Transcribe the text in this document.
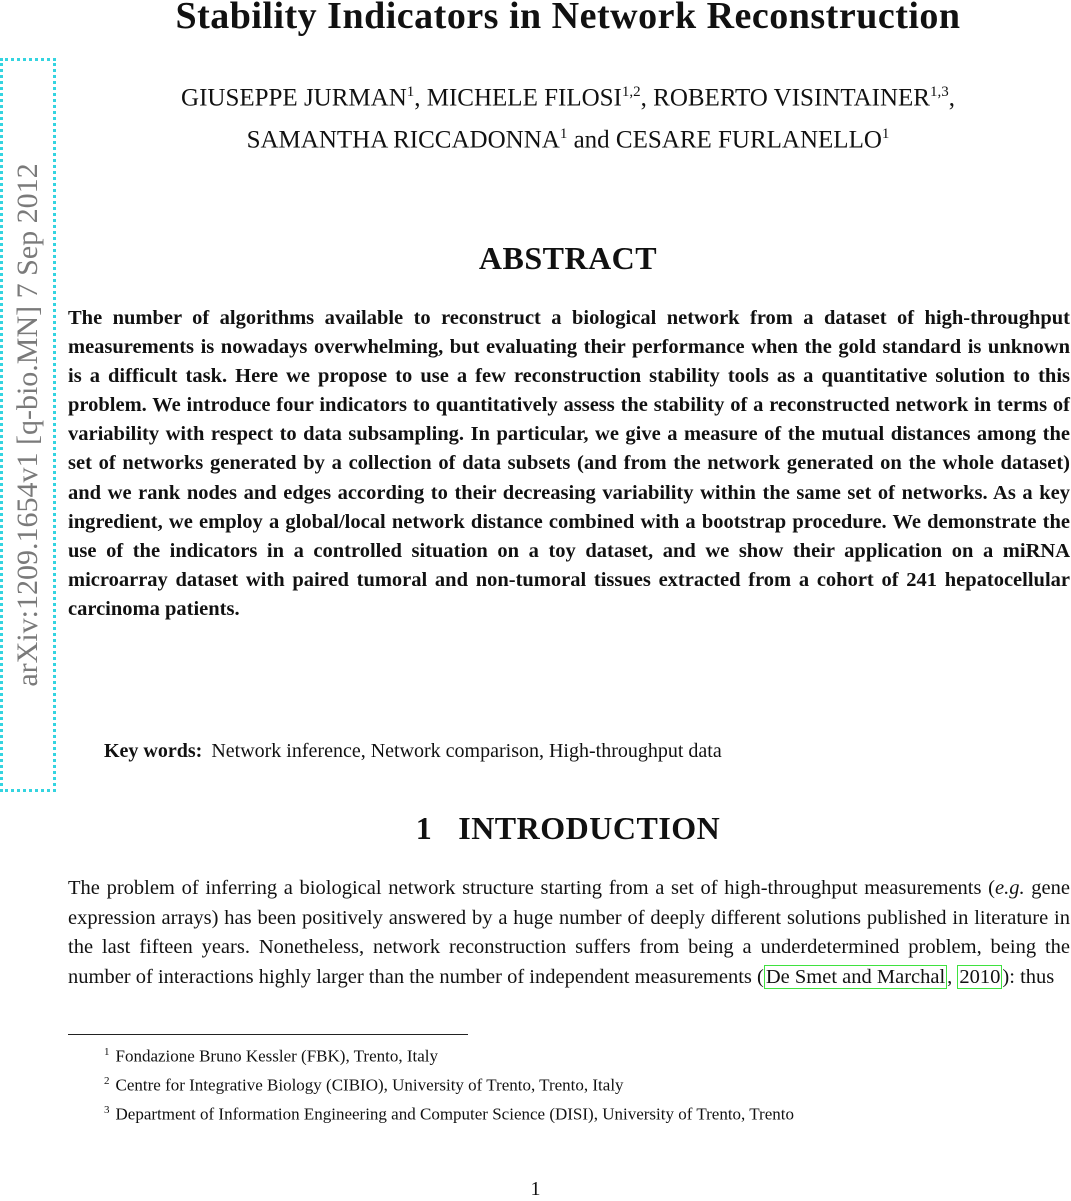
arXiv:1209.1654v1 [q-bio.MN] 7 Sep 2012
Stability Indicators in Network Reconstruction
GIUSEPPE JURMAN$^1$, MICHELE FILOSI$^{1,2}$, ROBERTO VISINTAINER$^{1,3}$,
SAMANTHA RICCADONNA$^1$ and CESARE FURLANELLO$^1$
ABSTRACT

The number of algorithms available to reconstruct a biological network from a dataset of high-throughput measurements is nowadays overwhelming, but evaluating their performance when the gold standard is unknown is a difficult task. Here we propose to use a few reconstruction stability tools as a quantitative solution to this problem. We introduce four indicators to quantitatively assess the stability of a reconstructed network in terms of variability with respect to data subsampling. In particular, we give a measure of the mutual distances among the set of networks generated by a collection of data subsets (and from the network generated on the whole dataset) and we rank nodes and edges according to their decreasing variability within the same set of networks. As a key ingredient, we employ a global/local network distance combined with a bootstrap procedure. We demonstrate the use of the indicators in a controlled situation on a toy dataset, and we show their application on a miRNA microarray dataset with paired tumoral and non-tumoral tissues extracted from a cohort of 241 hepatocellular carcinoma patients.

Key words: Network inference, Network comparison, High-throughput data
1 INTRODUCTION

The problem of inferring a biological network structure starting from a set of high-throughput measurements (e.g. gene expression arrays) has been positively answered by a huge number of deeply different solutions published in literature in the last fifteen years. Nonetheless, network reconstruction suffers from being a underdetermined problem, being the number of interactions highly larger than the number of independent measurements (De Smet and Marchal, 2010): thus

$^1$ Fondazione Bruno Kessler (FBK), Trento, Italy
$^2$ Centre for Integrative Biology (CIBIO), University of Trento, Trento, Italy
$^3$ Department of Information Engineering and Computer Science (DISI), University of Trento, Trento
1
